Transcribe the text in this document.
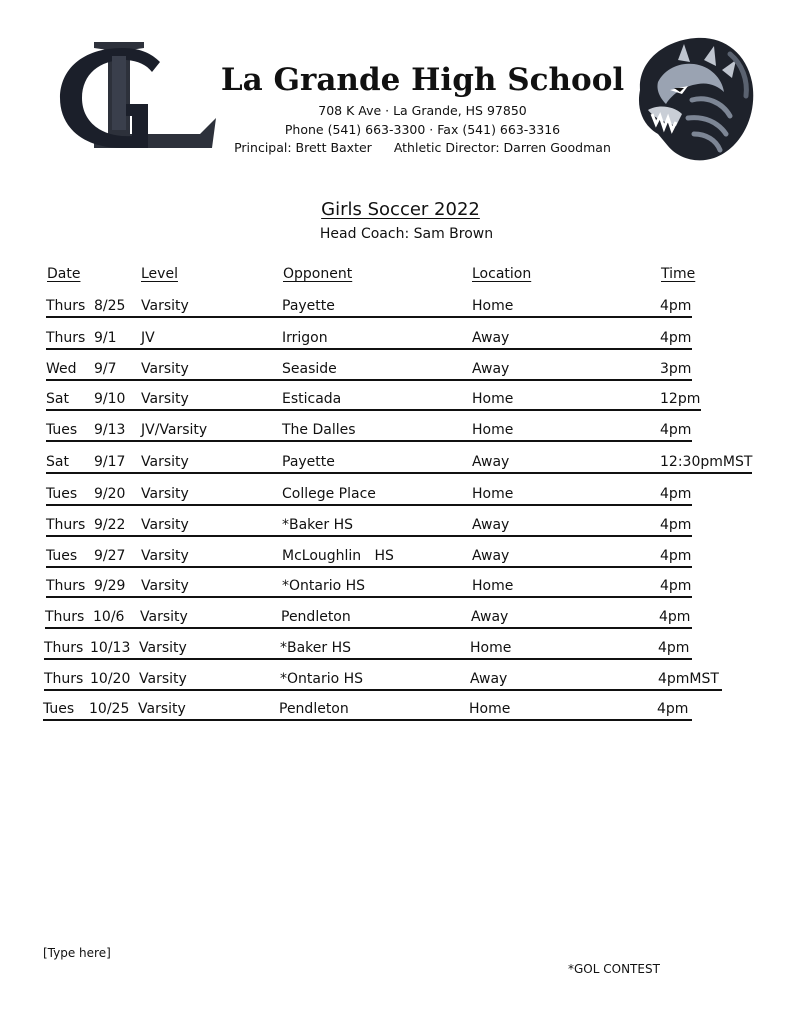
La Grande High School
708 K Ave · La Grande, HS 97850
Phone (541) 663-3300 · Fax (541) 663-3316
Principal: Brett Baxter Athletic Director: Darren Goodman
Girls Soccer 2022
Head Coach: Sam Brown
Date	Level	Opponent	Location	Time
Thurs 8/25 Varsity	Payette	Home	4pm
Thurs 9/1 JV	Irrigon	Away	4pm
Wed 9/7 Varsity	Seaside	Away	3pm
Sat 9/10 Varsity	Esticada	Home	12pm
Tues 9/13 JV/Varsity	The Dalles	Home	4pm
Sat 9/17 Varsity	Payette	Away	12:30pmMST
Tues 9/20 Varsity	College Place	Home	4pm
Thurs 9/22 Varsity	*Baker HS	Away	4pm
Tues 9/27 Varsity	McLoughlin   HS	Away	4pm
Thurs 9/29 Varsity	*Ontario HS	Home	4pm
Thurs 10/6 Varsity	Pendleton	Away	4pm
Thurs 10/13 Varsity	*Baker HS	Home	4pm
Thurs 10/20 Varsity	*Ontario HS	Away	4pmMST
Tues 10/25 Varsity	Pendleton	Home	4pm
[Type here]
*GOL CONTEST
